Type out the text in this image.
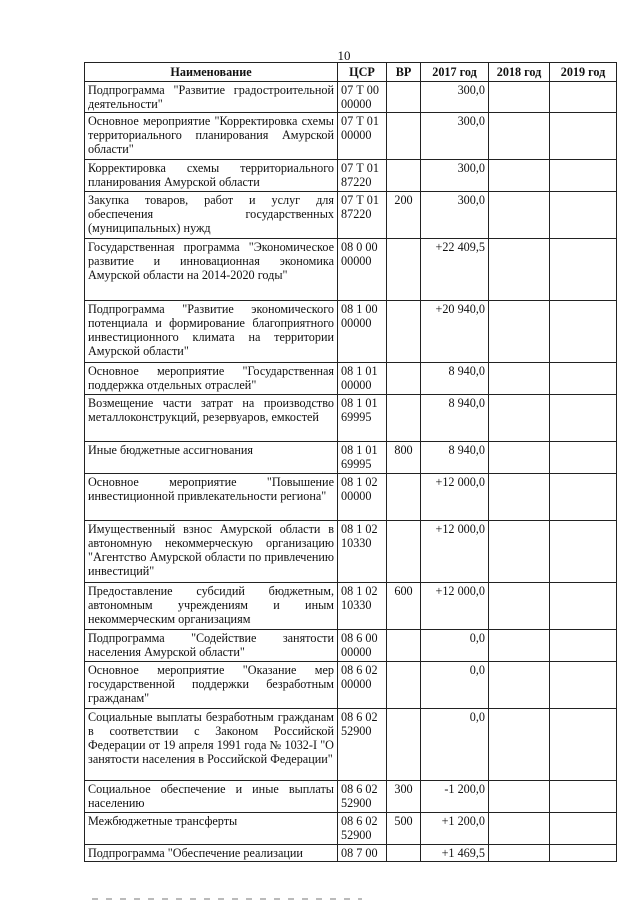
10
Наименование	ЦСР	ВР	2017 год	2018 год	2019 год
Подпрограмма "Развитие градостроительной деятельности"	07 Т 00 00000		300,0		
Основное мероприятие "Корректировка схемы территориального планирования Амурской области"	07 Т 01 00000		300,0		
Корректировка схемы территориального планирования Амурской области	07 Т 01 87220		300,0		
Закупка товаров, работ и услуг для обеспечения государственных (муниципальных) нужд	07 Т 01 87220	200	300,0		
Государственная программа "Экономическое развитие и инновационная экономика Амурской области на 2014-2020 годы"	08 0 00 00000		+22 409,5		
Подпрограмма "Развитие экономического потенциала и формирование благоприятного инвестиционного климата на территории Амурской области"	08 1 00 00000		+20 940,0		
Основное мероприятие "Государственная поддержка отдельных отраслей"	08 1 01 00000		8 940,0		
Возмещение части затрат на производство металлоконструкций, резервуаров, емкостей	08 1 01 69995		8 940,0		
Иные бюджетные ассигнования	08 1 01 69995	800	8 940,0		
Основное мероприятие "Повышение инвестиционной привлекательности региона"	08 1 02 00000		+12 000,0		
Имущественный взнос Амурской области в автономную некоммерческую организацию "Агентство Амурской области по привлечению инвестиций"	08 1 02 10330		+12 000,0		
Предоставление субсидий бюджетным, автономным учреждениям и иным некоммерческим организациям	08 1 02 10330	600	+12 000,0		
Подпрограмма "Содействие занятости населения Амурской области"	08 6 00 00000		0,0		
Основное мероприятие "Оказание мер государственной поддержки безработным гражданам"	08 6 02 00000		0,0		
Социальные выплаты безработным гражданам в соответствии с Законом Российской Федерации от 19 апреля 1991 года № 1032-I "О занятости населения в Российской Федерации"	08 6 02 52900		0,0		
Социальное обеспечение и иные выплаты населению	08 6 02 52900	300	-1 200,0		
Межбюджетные трансферты	08 6 02 52900	500	+1 200,0		
Подпрограмма "Обеспечение реализации	08 7 00		+1 469,5		
